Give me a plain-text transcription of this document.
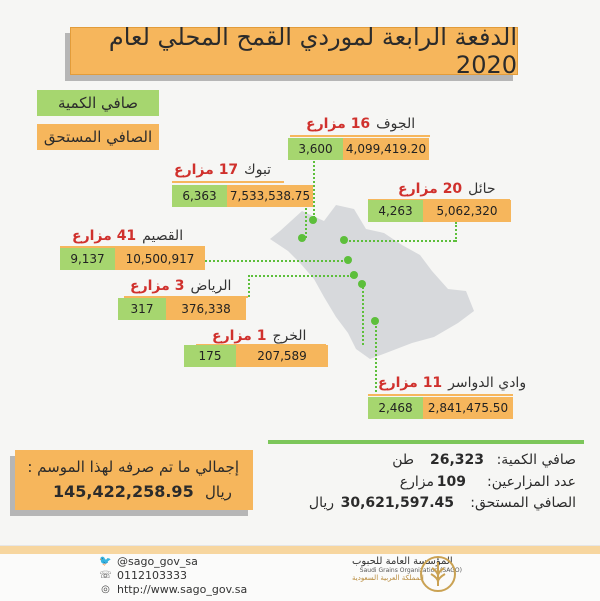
الدفعة الرابعة لموردي القمح المحلي لعام 2020
صافي الكمية
الصافي المستحق
الجوف
16 مزارع
3,600	4,099,419.20
تبوك
17 مزارع
6,363	7,533,538.75	حائل
20 مزارع
4,263	5,062,320
القصيم
41 مزارع
9,137	10,500,917
الرياض
3 مزارع
317	376,338
الخرج
1 مزارع
175	207,589
وادي الدواسر
11 مزارع
2,468	2,841,475.50
إجمالي ما تم صرفه لهذا الموسم :
145,422,258.95 ريال
صافي الكمية:
26,323
طن
عدد المزارعين:
109
مزارع
الصافي المستحق:
30,621,597.45
ريال
🐦 @sago_gov_sa
☏ 0112103333
◎ http://www.sago_gov.sa
المؤسسة العامة للحبوب
Saudi Grains Organization (SAGO)
المملكة العربية السعودية
